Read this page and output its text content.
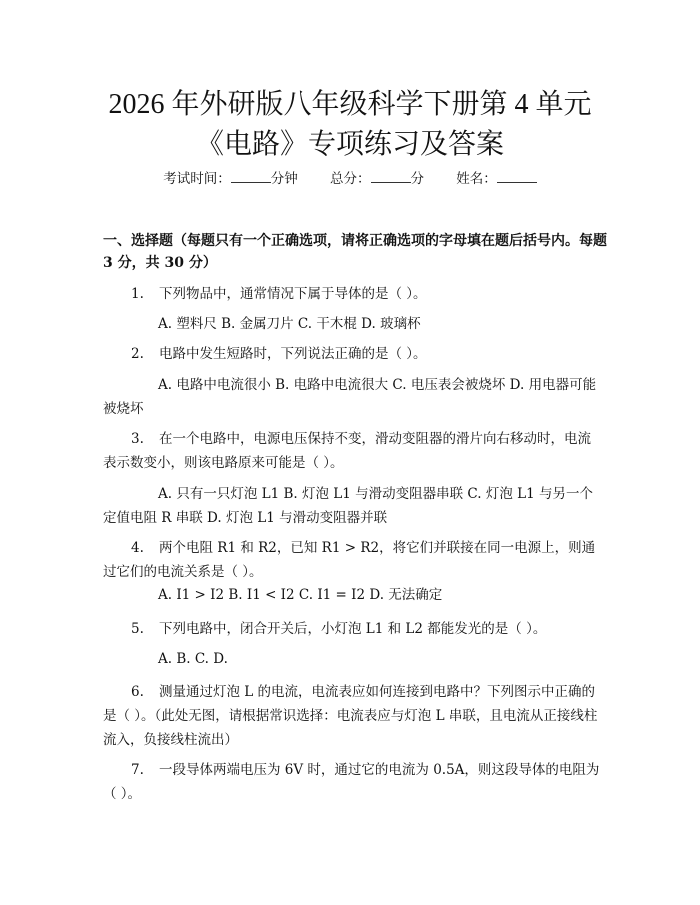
2026 年外研版八年级科学下册第 4 单元《电路》专项练习及答案
考试时间：	分钟 总分：	分 姓名：
一、选择题（每题只有一个正确选项，请将正确选项的字母填在题后括号内。每题 3 分，共 30 分）
1. 下列物品中，通常情况下属于导体的是（ ）。
A. 塑料尺 B. 金属刀片 C. 干木棍 D. 玻璃杯
2. 电路中发生短路时，下列说法正确的是（ ）。
A. 电路中电流很小 B. 电路中电流很大 C. 电压表会被烧坏 D. 用电器可能被烧坏
3. 在一个电路中，电源电压保持不变，滑动变阻器的滑片向右移动时，电流表示数变小，则该电路原来可能是（ ）。
A. 只有一只灯泡 L1 B. 灯泡 L1 与滑动变阻器串联 C. 灯泡 L1 与另一个定值电阻 R 串联 D. 灯泡 L1 与滑动变阻器并联
4. 两个电阻 R1 和 R2，已知 R1 > R2，将它们并联接在同一电源上，则通过它们的电流关系是（ ）。
A. I1 > I2 B. I1 < I2 C. I1 = I2 D. 无法确定
5. 下列电路中，闭合开关后，小灯泡 L1 和 L2 都能发光的是（ ）。
A. B. C. D.
6. 测量通过灯泡 L 的电流，电流表应如何连接到电路中？下列图示中正确的是（ ）。（此处无图，请根据常识选择：电流表应与灯泡 L 串联，且电流从正接线柱流入，负接线柱流出）
7. 一段导体两端电压为 6V 时，通过它的电流为 0.5A，则这段导体的电阻为（ ）。
